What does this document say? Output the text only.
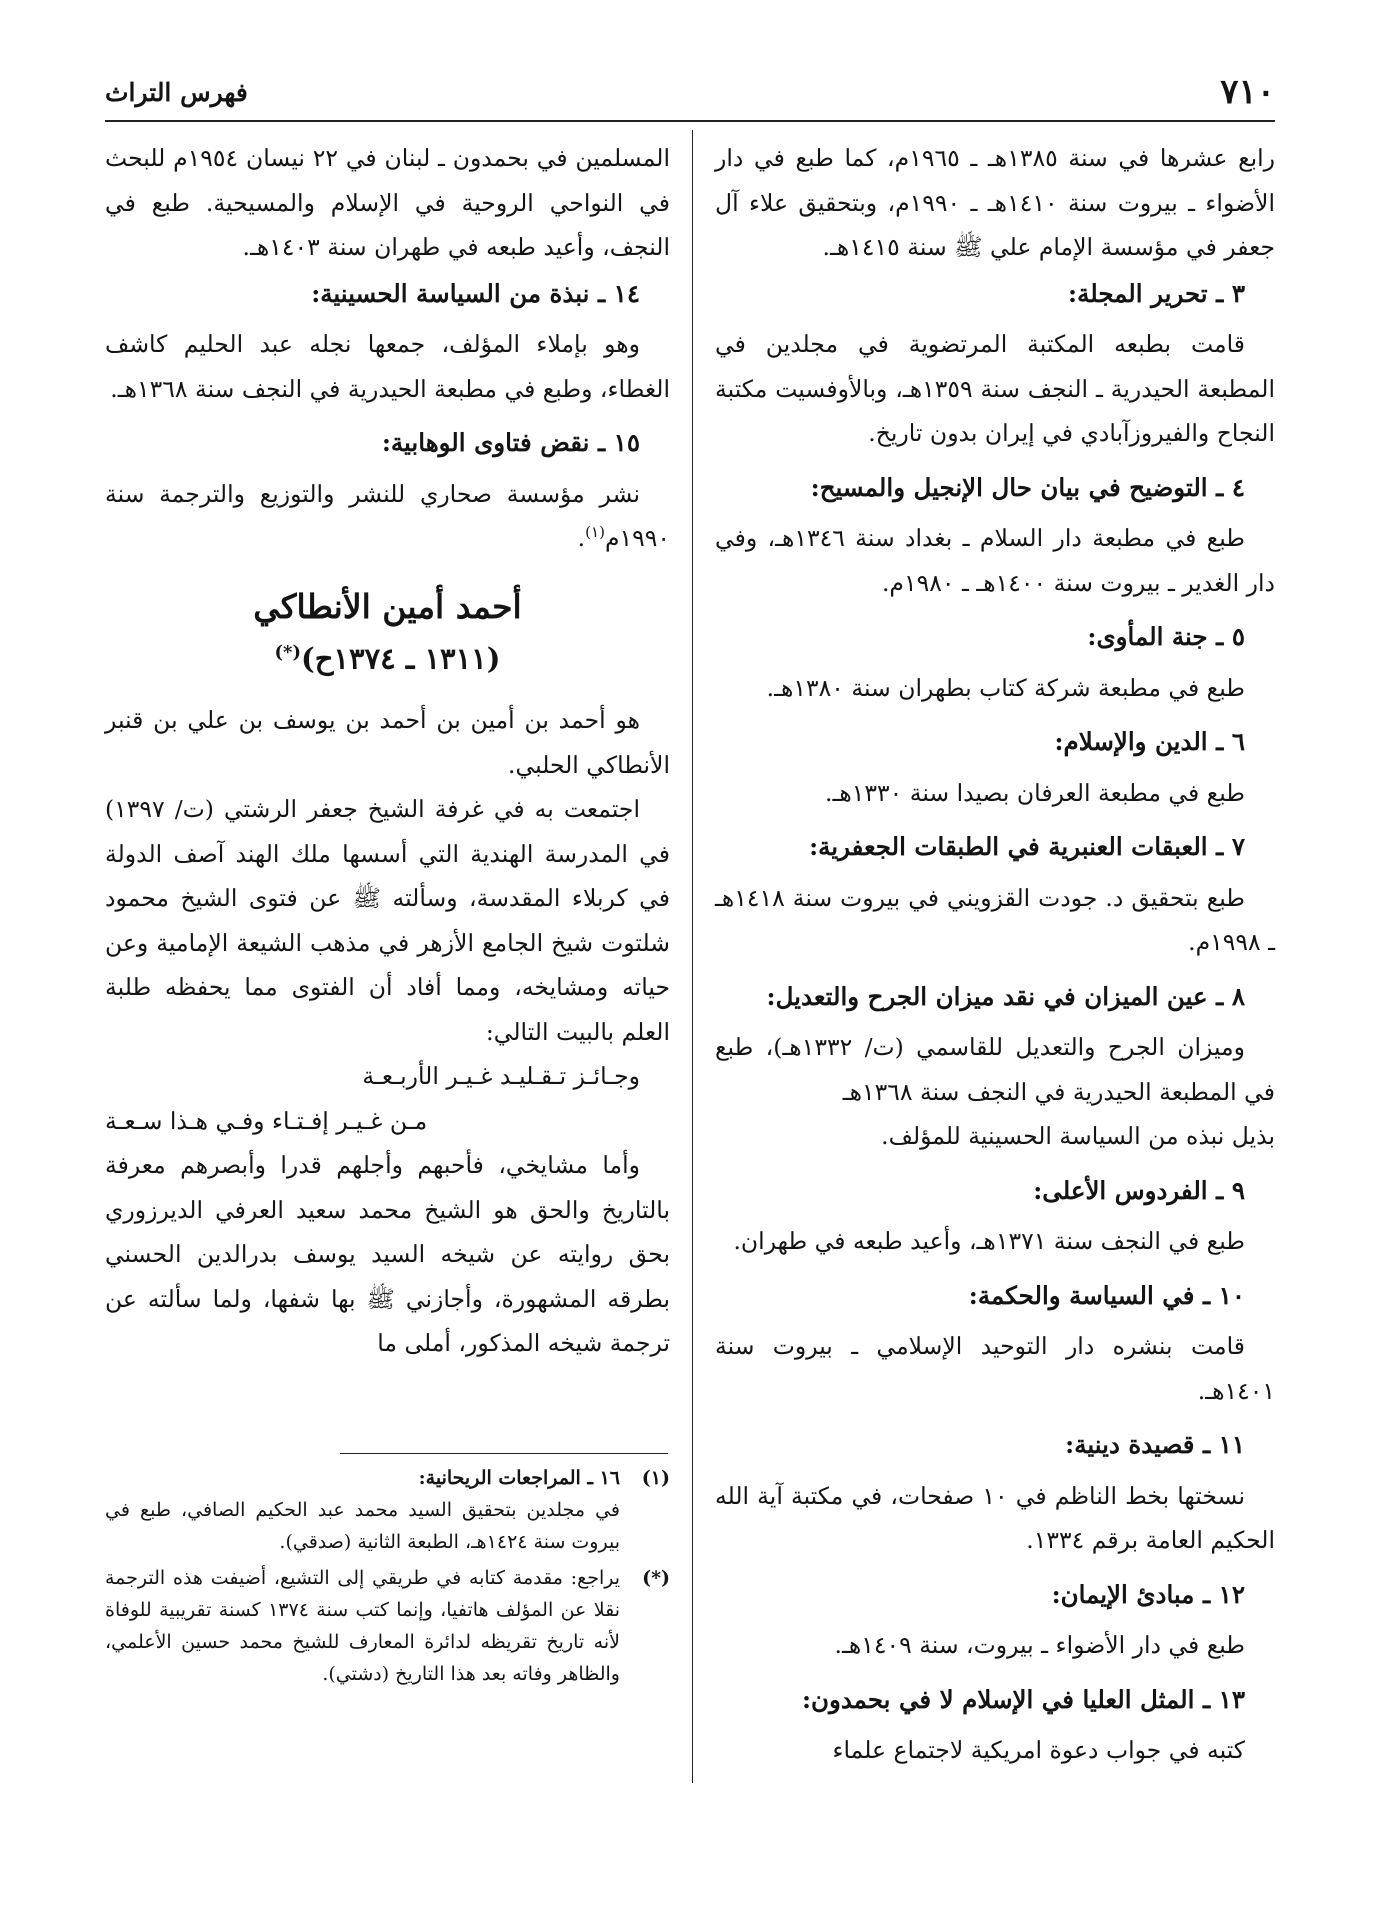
٧١٠
فهرس التراث

رابع عشرها في سنة ١٣٨٥هـ ـ ١٩٦٥م، كما طبع في دار الأضواء ـ بيروت سنة ١٤١٠هـ ـ ١٩٩٠م، وبتحقيق علاء آل جعفر في مؤسسة الإمام علي ﷺ سنة ١٤١٥هـ.

٣ ـ تحرير المجلة:

قامت بطبعه المكتبة المرتضوية في مجلدين في المطبعة الحيدرية ـ النجف سنة ١٣٥٩هـ، وبالأوفسيت مكتبة النجاح والفيروزآبادي في إيران بدون تاريخ.

٤ ـ التوضيح في بيان حال الإنجيل والمسيح:

طبع في مطبعة دار السلام ـ بغداد سنة ١٣٤٦هـ، وفي دار الغدير ـ بيروت سنة ١٤٠٠هـ ـ ١٩٨٠م.

٥ ـ جنة المأوى:

طبع في مطبعة شركة كتاب بطهران سنة ١٣٨٠هـ.

٦ ـ الدين والإسلام:

طبع في مطبعة العرفان بصيدا سنة ١٣٣٠هـ.

٧ ـ العبقات العنبرية في الطبقات الجعفرية:

طبع بتحقيق د. جودت القزويني في بيروت سنة ١٤١٨هـ ـ ١٩٩٨م.

٨ ـ عين الميزان في نقد ميزان الجرح والتعديل:

وميزان الجرح والتعديل للقاسمي (ت/ ١٣٣٢هـ)، طبع في المطبعة الحيدرية في النجف سنة ١٣٦٨هـ

بذيل نبذه من السياسة الحسينية للمؤلف.

٩ ـ الفردوس الأعلى:

طبع في النجف سنة ١٣٧١هـ، وأعيد طبعه في طهران.

١٠ ـ في السياسة والحكمة:

قامت بنشره دار التوحيد الإسلامي ـ بيروت سنة ١٤٠١هـ.

١١ ـ قصيدة دينية:

نسختها بخط الناظم في ١٠ صفحات، في مكتبة آية الله الحكيم العامة برقم ١٣٣٤.

١٢ ـ مبادئ الإيمان:

طبع في دار الأضواء ـ بيروت، سنة ١٤٠٩هـ.

١٣ ـ المثل العليا في الإسلام لا في بحمدون:

كتبه في جواب دعوة امريكية لاجتماع علماء

المسلمين في بحمدون ـ لبنان في ٢٢ نيسان ١٩٥٤م للبحث في النواحي الروحية في الإسلام والمسيحية. طبع في النجف، وأعيد طبعه في طهران سنة ١٤٠٣هـ.

١٤ ـ نبذة من السياسة الحسينية:

وهو بإملاء المؤلف، جمعها نجله عبد الحليم كاشف الغطاء، وطبع في مطبعة الحيدرية في النجف سنة ١٣٦٨هـ.

١٥ ـ نقض فتاوى الوهابية:

نشر مؤسسة صحاري للنشر والتوزيع والترجمة سنة ١٩٩٠م$^{(١)}$.

أحمد أمين الأنطاكي
(١٣١١ ـ ١٣٧٤ح)(*)

هو أحمد بن أمين بن أحمد بن يوسف بن علي بن قنبر الأنطاكي الحلبي.

اجتمعت به في غرفة الشيخ جعفر الرشتي (ت/ ١٣٩٧) في المدرسة الهندية التي أسسها ملك الهند آصف الدولة في كربلاء المقدسة، وسألته ﷺ عن فتوى الشيخ محمود شلتوت شيخ الجامع الأزهر في مذهب الشيعة الإمامية وعن حياته ومشايخه، ومما أفاد أن الفتوى مما يحفظه طلبة العلم بالبيت التالي:

وجـائـز تـقـليـد غـيـر الأربـعـة

مـن غـيـر إفـتـاء وفـي هـذا سـعـة

وأما مشايخي، فأحبهم وأجلهم قدرا وأبصرهم معرفة بالتاريخ والحق هو الشيخ محمد سعيد العرفي الديرزوري بحق روايته عن شيخه السيد يوسف بدرالدين الحسني بطرقه المشهورة، وأجازني ﷺ بها شفها، ولما سألته عن ترجمة شيخه المذكور، أملى ما

(١)
١٦ ـ المراجعات الريحانية:
في مجلدين بتحقيق السيد محمد عبد الحكيم الصافي، طبع في بيروت سنة ١٤٢٤هـ، الطبعة الثانية (صدقي).
(*)
يراجع: مقدمة كتابه في طريقي إلى التشيع، أضيفت هذه الترجمة نقلا عن المؤلف هاتفيا، وإنما كتب سنة ١٣٧٤ كسنة تقريبية للوفاة لأنه تاريخ تقريظه لدائرة المعارف للشيخ محمد حسين الأعلمي، والظاهر وفاته بعد هذا التاريخ (دشتي).
